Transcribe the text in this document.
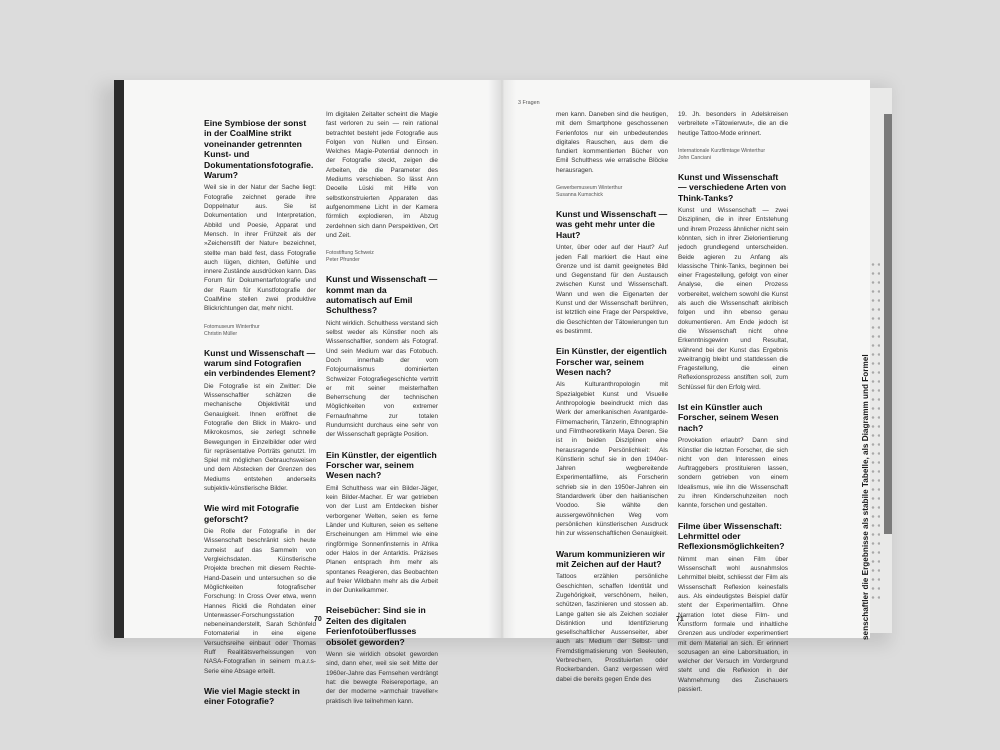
Eine Symbiose der sonst in der CoalMine strikt voneinander getrennten Kunst- und Dokumentationsfotografie. Warum?
Weil sie in der Natur der Sache liegt: Fotografie zeichnet gerade ihre Doppelnatur aus. Sie ist Dokumentation und Interpretation, Abbild und Poesie, Apparat und Mensch. In ihrer Frühzeit als der »Zeichenstift der Natur« bezeichnet, stellte man bald fest, dass Fotografie auch lügen, dichten, Gefühle und innere Zustände ausdrücken kann. Das Forum für Dokumentarfotografie und der Raum für Kunstfotografie der CoalMine stellen zwei produktive Blickrichtungen dar, mehr nicht.
Fotomuseum Winterthur
Christin Müller
Kunst und Wissenschaft — warum sind Fotografien ein verbindendes Element?
Die Fotografie ist ein Zwitter: Die Wissenschaftler schätzen die mechanische Objektivität und Genauigkeit. Ihnen eröffnet die Fotografie den Blick in Makro- und Mikrokosmos, sie zerlegt schnelle Bewegungen in Einzelbilder oder wird für repräsentative Porträts genutzt. Im Spiel mit möglichen Gebrauchsweisen und dem Abstecken der Grenzen des Mediums entstehen anderseits subjektiv-künstlerische Bilder.
Wie wird mit Fotografie geforscht?
Die Rolle der Fotografie in der Wissenschaft beschränkt sich heute zumeist auf das Sammeln von Vergleichsdaten. Künstlerische Projekte brechen mit diesem Rechte-Hand-Dasein und untersuchen so die Möglichkeiten fotografischer Forschung: In Cross Over etwa, wenn Hannes Rickli die Rohdaten einer Unterwasser-Forschungsstation nebeneinanderstellt, Sarah Schönfeld Fotomaterial in eine eigene Versuchsreihe einbaut oder Thomas Ruff Realitätsverheissungen von NASA-Fotografien in seinem m.a.r.s-Serie eine Absage erteilt.
Wie viel Magie steckt in einer Fotografie?
Im digitalen Zeitalter scheint die Magie fast verloren zu sein — rein rational betrachtet besteht jede Fotografie aus Folgen von Nullen und Einsen. Welches Magie-Potential dennoch in der Fotografie steckt, zeigen die Arbeiten, die die Parameter des Mediums verschieben. So lässt Ann Deoelle Lüski mit Hilfe von selbstkonstruierten Apparaten das aufgenommene Licht in der Kamera förmlich explodieren, im Abzug zerdehnen sich dann Perspektiven, Ort und Zeit.
Fotostiftung Schweiz
Peter Pfrunder
Kunst und Wissenschaft — kommt man da automatisch auf Emil Schulthess?
Nicht wirklich. Schulthess verstand sich selbst weder als Künstler noch als Wissenschaftler, sondern als Fotograf. Und sein Medium war das Fotobuch. Doch innerhalb der vom Fotojournalismus dominierten Schweizer Fotografiegeschichte vertritt er mit seiner meisterhaften Beherrschung der technischen Möglichkeiten von extremer Fernaufnahme zur totalen Rundumsicht durchaus eine sehr von der Wissenschaft geprägte Position.
Ein Künstler, der eigentlich Forscher war, seinem Wesen nach?
Emil Schulthess war ein Bilder-Jäger, kein Bilder-Macher. Er war getrieben von der Lust am Entdecken bisher verborgener Welten, seien es ferne Länder und Kulturen, seien es seltene Erscheinungen am Himmel wie eine ringförmige Sonnenfinsternis in Afrika oder Halos in der Antarktis. Präzises Planen entsprach ihm mehr als spontanes Reagieren, das Beobachten auf freier Wildbahn mehr als die Arbeit in der Dunkelkammer.
Reisebücher: Sind sie in Zeiten des digitalen Ferienfotoüberflusses obsolet geworden?
Wenn sie wirklich obsolet geworden sind, dann eher, weil sie seit Mitte der 1960er-Jahre das Fernsehen verdrängt hat: die bewegte Reisereportage, an der der moderne »armchair traveller« praktisch live teilnehmen kann.
70
3 Fragen
men kann. Daneben sind die heutigen, mit dem Smartphone geschossenen Ferienfotos nur ein unbedeutendes digitales Rauschen, aus dem die fundiert kommentierten Bücher von Emil Schulthess wie erratische Blöcke herausragen.
Gewerbemuseum Winterthur
Susanna Kumschick
Kunst und Wissenschaft — was geht mehr unter die Haut?
Unter, über oder auf der Haut? Auf jeden Fall markiert die Haut eine Grenze und ist damit geeignetes Bild und Gegenstand für den Austausch zwischen Kunst und Wissenschaft. Wann und wen die Eigenarten der Kunst und der Wissenschaft berühren, ist letztlich eine Frage der Perspektive, die Geschichten der Tätowierungen tun es bestimmt.
Ein Künstler, der eigentlich Forscher war, seinem Wesen nach?
Als Kulturanthropologin mit Spezialgebiet Kunst und Visuelle Anthropologie beeindruckt mich das Werk der amerikanischen Avantgarde-Filmemacherin, Tänzerin, Ethnographin und Filmtheoretikerin Maya Deren. Sie ist in beiden Disziplinen eine herausragende Persönlichkeit: Als Künstlerin schuf sie in den 1940er-Jahren wegbereitende Experimentalfilme, als Forscherin schrieb sie in den 1950er-Jahren ein Standardwerk über den haitianischen Voodoo. Sie wählte den aussergewöhnlichen Weg vom persönlichen künstlerischen Ausdruck hin zur wissenschaftlichen Genauigkeit.
Warum kommunizieren wir mit Zeichen auf der Haut?
Tattoos erzählen persönliche Geschichten, schaffen Identität und Zugehörigkeit, verschönern, heilen, schützen, faszinieren und stossen ab. Lange galten sie als Zeichen sozialer Distinktion und Identifizierung gesellschaftlicher Aussenseiter, aber auch als Medium der Selbst- und Fremdstigmatisierung von Seeleuten, Verbrechern, Prostituierten oder Rockerbanden. Ganz vergessen wird dabei die bereits gegen Ende des
19. Jh. besonders in Adelskreisen verbreitete »Tätowierwut«, die an die heutige Tattoo-Mode erinnert.
Internationale Kurzfilmtage Winterthur
John Canciani
Kunst und Wissenschaft — verschiedene Arten von Think-Tanks?
Kunst und Wissenschaft — zwei Disziplinen, die in ihrer Entstehung und ihrem Prozess ähnlicher nicht sein könnten, sich in ihrer Zielorientierung jedoch grundlegend unterscheiden. Beide agieren zu Anfang als klassische Think-Tanks, beginnen bei einer Fragestellung, gefolgt von einer Analyse, die einen Prozess vorbereitet, welchem sowohl die Kunst als auch die Wissenschaft akribisch folgen und ihn ebenso genau dokumentieren. Am Ende jedoch ist die Wissenschaft nicht ohne Erkenntnisgewinn und Resultat, während bei der Kunst das Ergebnis zweitrangig bleibt und stattdessen die Fragestellung, die einen Reflexionsprozess anstiften soll, zum Schlüssel für den Erfolg wird.
Ist ein Künstler auch Forscher, seinem Wesen nach?
Provokation erlaubt? Dann sind Künstler die letzten Forscher, die sich nicht von den Interessen eines Auftraggebers prostituieren lassen, sondern getrieben von einem Idealismus, wie ihn die Wissenschaft zu ihren Kinderschuhzeiten noch kannte, forschen und gestalten.
Filme über Wissenschaft: Lehrmittel oder Reflexionsmöglichkeiten?
Nimmt man einen Film über Wissenschaft wohl ausnahmslos Lehrmittel bleibt, schliesst der Film als Wissenschaft Reflexion keinesfalls aus. Als eindeutigstes Beispiel dafür steht der Experimentalfilm. Ohne Narration lotet diese Film- und Kunstform formale und inhaltliche Grenzen aus und/oder experimentiert mit dem Material an sich. Er erinnert sozusagen an eine Laborsituation, in welcher der Versuch im Vordergrund steht und die Reflexion in der Wahrnehmung des Zuschauers passiert.
71	senschaftler die Ergebnisse als stabile Tabelle, als Diagramm und Formel
